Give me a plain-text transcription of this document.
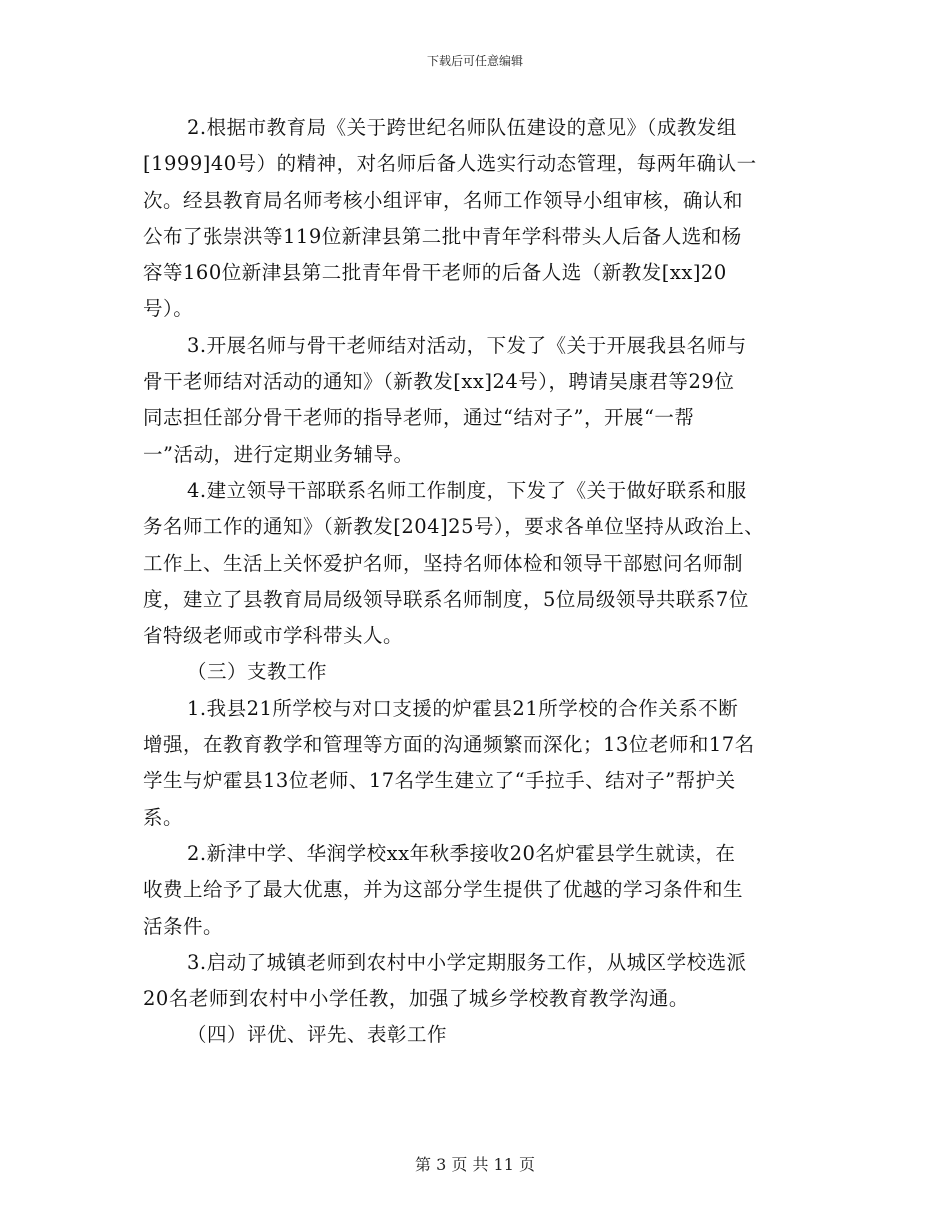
下载后可任意编辑
2.根据市教育局《关于跨世纪名师队伍建设的意见》（成教发组
[1999]40号）的精神，对名师后备人选实行动态管理，每两年确认一
次。经县教育局名师考核小组评审，名师工作领导小组审核，确认和
公布了张崇洪等119位新津县第二批中青年学科带头人后备人选和杨
容等160位新津县第二批青年骨干老师的后备人选（新教发[xx]20
号）。
3.开展名师与骨干老师结对活动，下发了《关于开展我县名师与
骨干老师结对活动的通知》（新教发[xx]24号），聘请吴康君等29位
同志担任部分骨干老师的指导老师，通过“结对子”，开展“一帮
一”活动，进行定期业务辅导。
4.建立领导干部联系名师工作制度，下发了《关于做好联系和服
务名师工作的通知》（新教发[204]25号），要求各单位坚持从政治上、
工作上、生活上关怀爱护名师，坚持名师体检和领导干部慰问名师制
度，建立了县教育局局级领导联系名师制度，5位局级领导共联系7位
省特级老师或市学科带头人。
（三）支教工作
1.我县21所学校与对口支援的炉霍县21所学校的合作关系不断
增强，在教育教学和管理等方面的沟通频繁而深化；13位老师和17名
学生与炉霍县13位老师、17名学生建立了“手拉手、结对子”帮护关
系。
2.新津中学、华润学校xx年秋季接收20名炉霍县学生就读，在
收费上给予了最大优惠，并为这部分学生提供了优越的学习条件和生
活条件。
3.启动了城镇老师到农村中小学定期服务工作，从城区学校选派
20名老师到农村中小学任教，加强了城乡学校教育教学沟通。
（四）评优、评先、表彰工作
第 3 页 共 11 页
